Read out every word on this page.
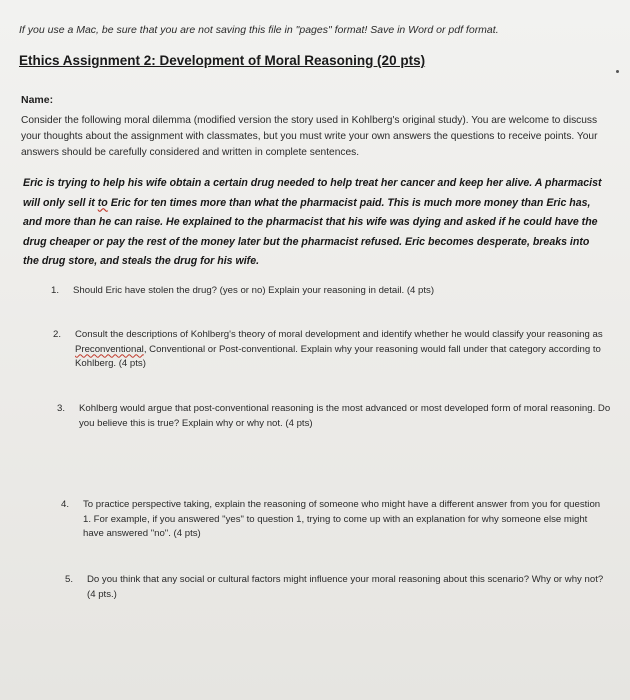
If you use a Mac, be sure that you are not saving this file in "pages" format! Save in Word or pdf format.
Ethics Assignment 2: Development of Moral Reasoning (20 pts)
Name:
Consider the following moral dilemma (modified version the story used in Kohlberg's original study). You are welcome to discuss your thoughts about the assignment with classmates, but you must write your own answers the questions to receive points. Your answers should be carefully considered and written in complete sentences.
Eric is trying to help his wife obtain a certain drug needed to help treat her cancer and keep her alive. A pharmacist will only sell it to Eric for ten times more than what the pharmacist paid. This is much more money than Eric has, and more than he can raise. He explained to the pharmacist that his wife was dying and asked if he could have the drug cheaper or pay the rest of the money later but the pharmacist refused. Eric becomes desperate, breaks into the drug store, and steals the drug for his wife.
1. Should Eric have stolen the drug? (yes or no) Explain your reasoning in detail. (4 pts)
2. Consult the descriptions of Kohlberg's theory of moral development and identify whether he would classify your reasoning as Preconventional, Conventional or Post-conventional. Explain why your reasoning would fall under that category according to Kohlberg. (4 pts)
3. Kohlberg would argue that post-conventional reasoning is the most advanced or most developed form of moral reasoning. Do you believe this is true? Explain why or why not. (4 pts)
4. To practice perspective taking, explain the reasoning of someone who might have a different answer from you for question 1. For example, if you answered "yes" to question 1, trying to come up with an explanation for why someone else might have answered "no". (4 pts)
5. Do you think that any social or cultural factors might influence your moral reasoning about this scenario? Why or why not? (4 pts.)
